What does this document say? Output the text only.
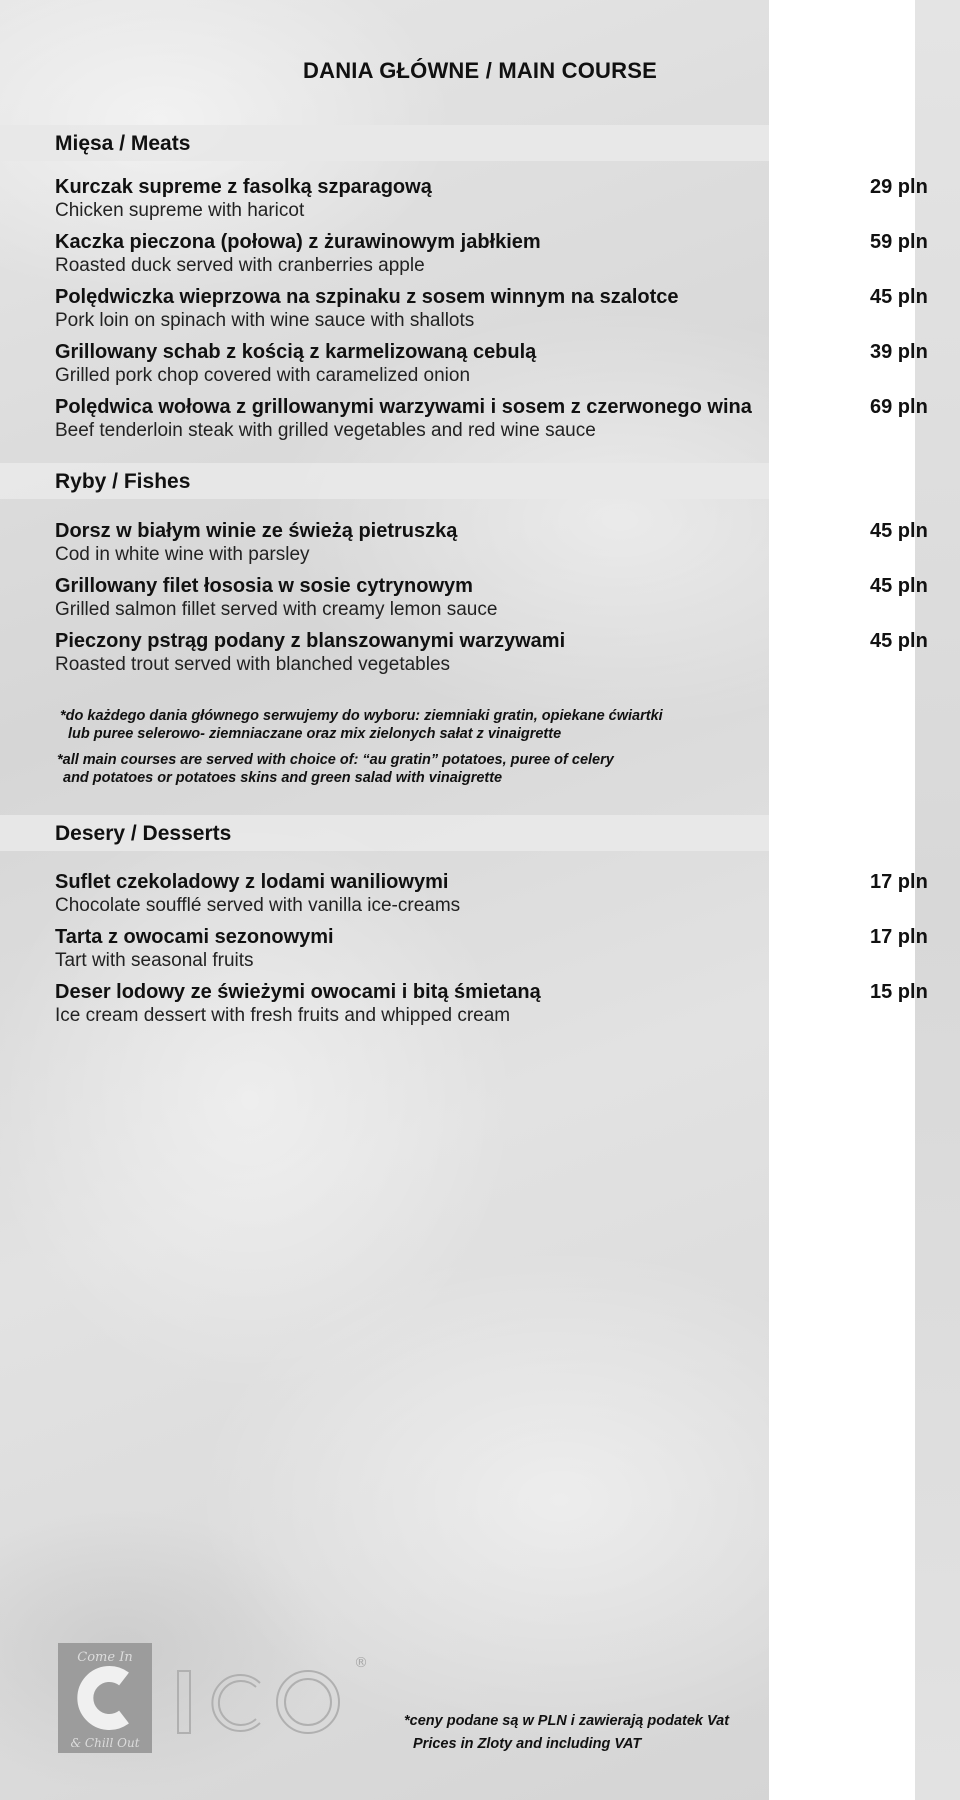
DANIA GŁÓWNE / MAIN COURSE
Mięsa / Meats
Kurczak supreme z fasolką szparagową
Chicken supreme with haricot
29 pln
Kaczka pieczona (połowa) z żurawinowym jabłkiem
Roasted duck served with cranberries apple
59 pln
Polędwiczka wieprzowa na szpinaku z sosem winnym na szalotce
Pork loin on spinach with wine sauce with shallots
45 pln
Grillowany schab z kością z karmelizowaną cebulą
Grilled pork chop covered with caramelized onion
39 pln
Polędwica wołowa z grillowanymi warzywami i sosem z czerwonego wina
Beef tenderloin steak with grilled vegetables and red wine sauce
69 pln
Ryby / Fishes
Dorsz w białym winie ze świeżą pietruszką
Cod in white wine with parsley
45 pln
Grillowany filet łososia w sosie cytrynowym
Grilled salmon fillet served with creamy lemon sauce
45 pln
Pieczony pstrąg podany z blanszowanymi warzywami
Roasted trout served with blanched vegetables
45 pln
*do każdego dania głównego serwujemy do wyboru: ziemniaki gratin, opiekane ćwiartki
lub puree selerowo- ziemniaczane oraz mix zielonych sałat z vinaigrette
*all main courses are served with choice of: “au gratin” potatoes, puree of celery
and potatoes or potatoes skins and green salad with vinaigrette
Desery / Desserts
Suflet czekoladowy z lodami waniliowymi
Chocolate soufflé served with vanilla ice-creams
17 pln
Tarta z owocami sezonowymi
Tart with seasonal fruits
17 pln
Deser lodowy ze świeżymi owocami i bitą śmietaną
Ice cream dessert with fresh fruits and whipped cream
15 pln
Come In
& Chill Out
®
*ceny podane są w PLN i zawierają podatek Vat
Prices in Zloty and including VAT
